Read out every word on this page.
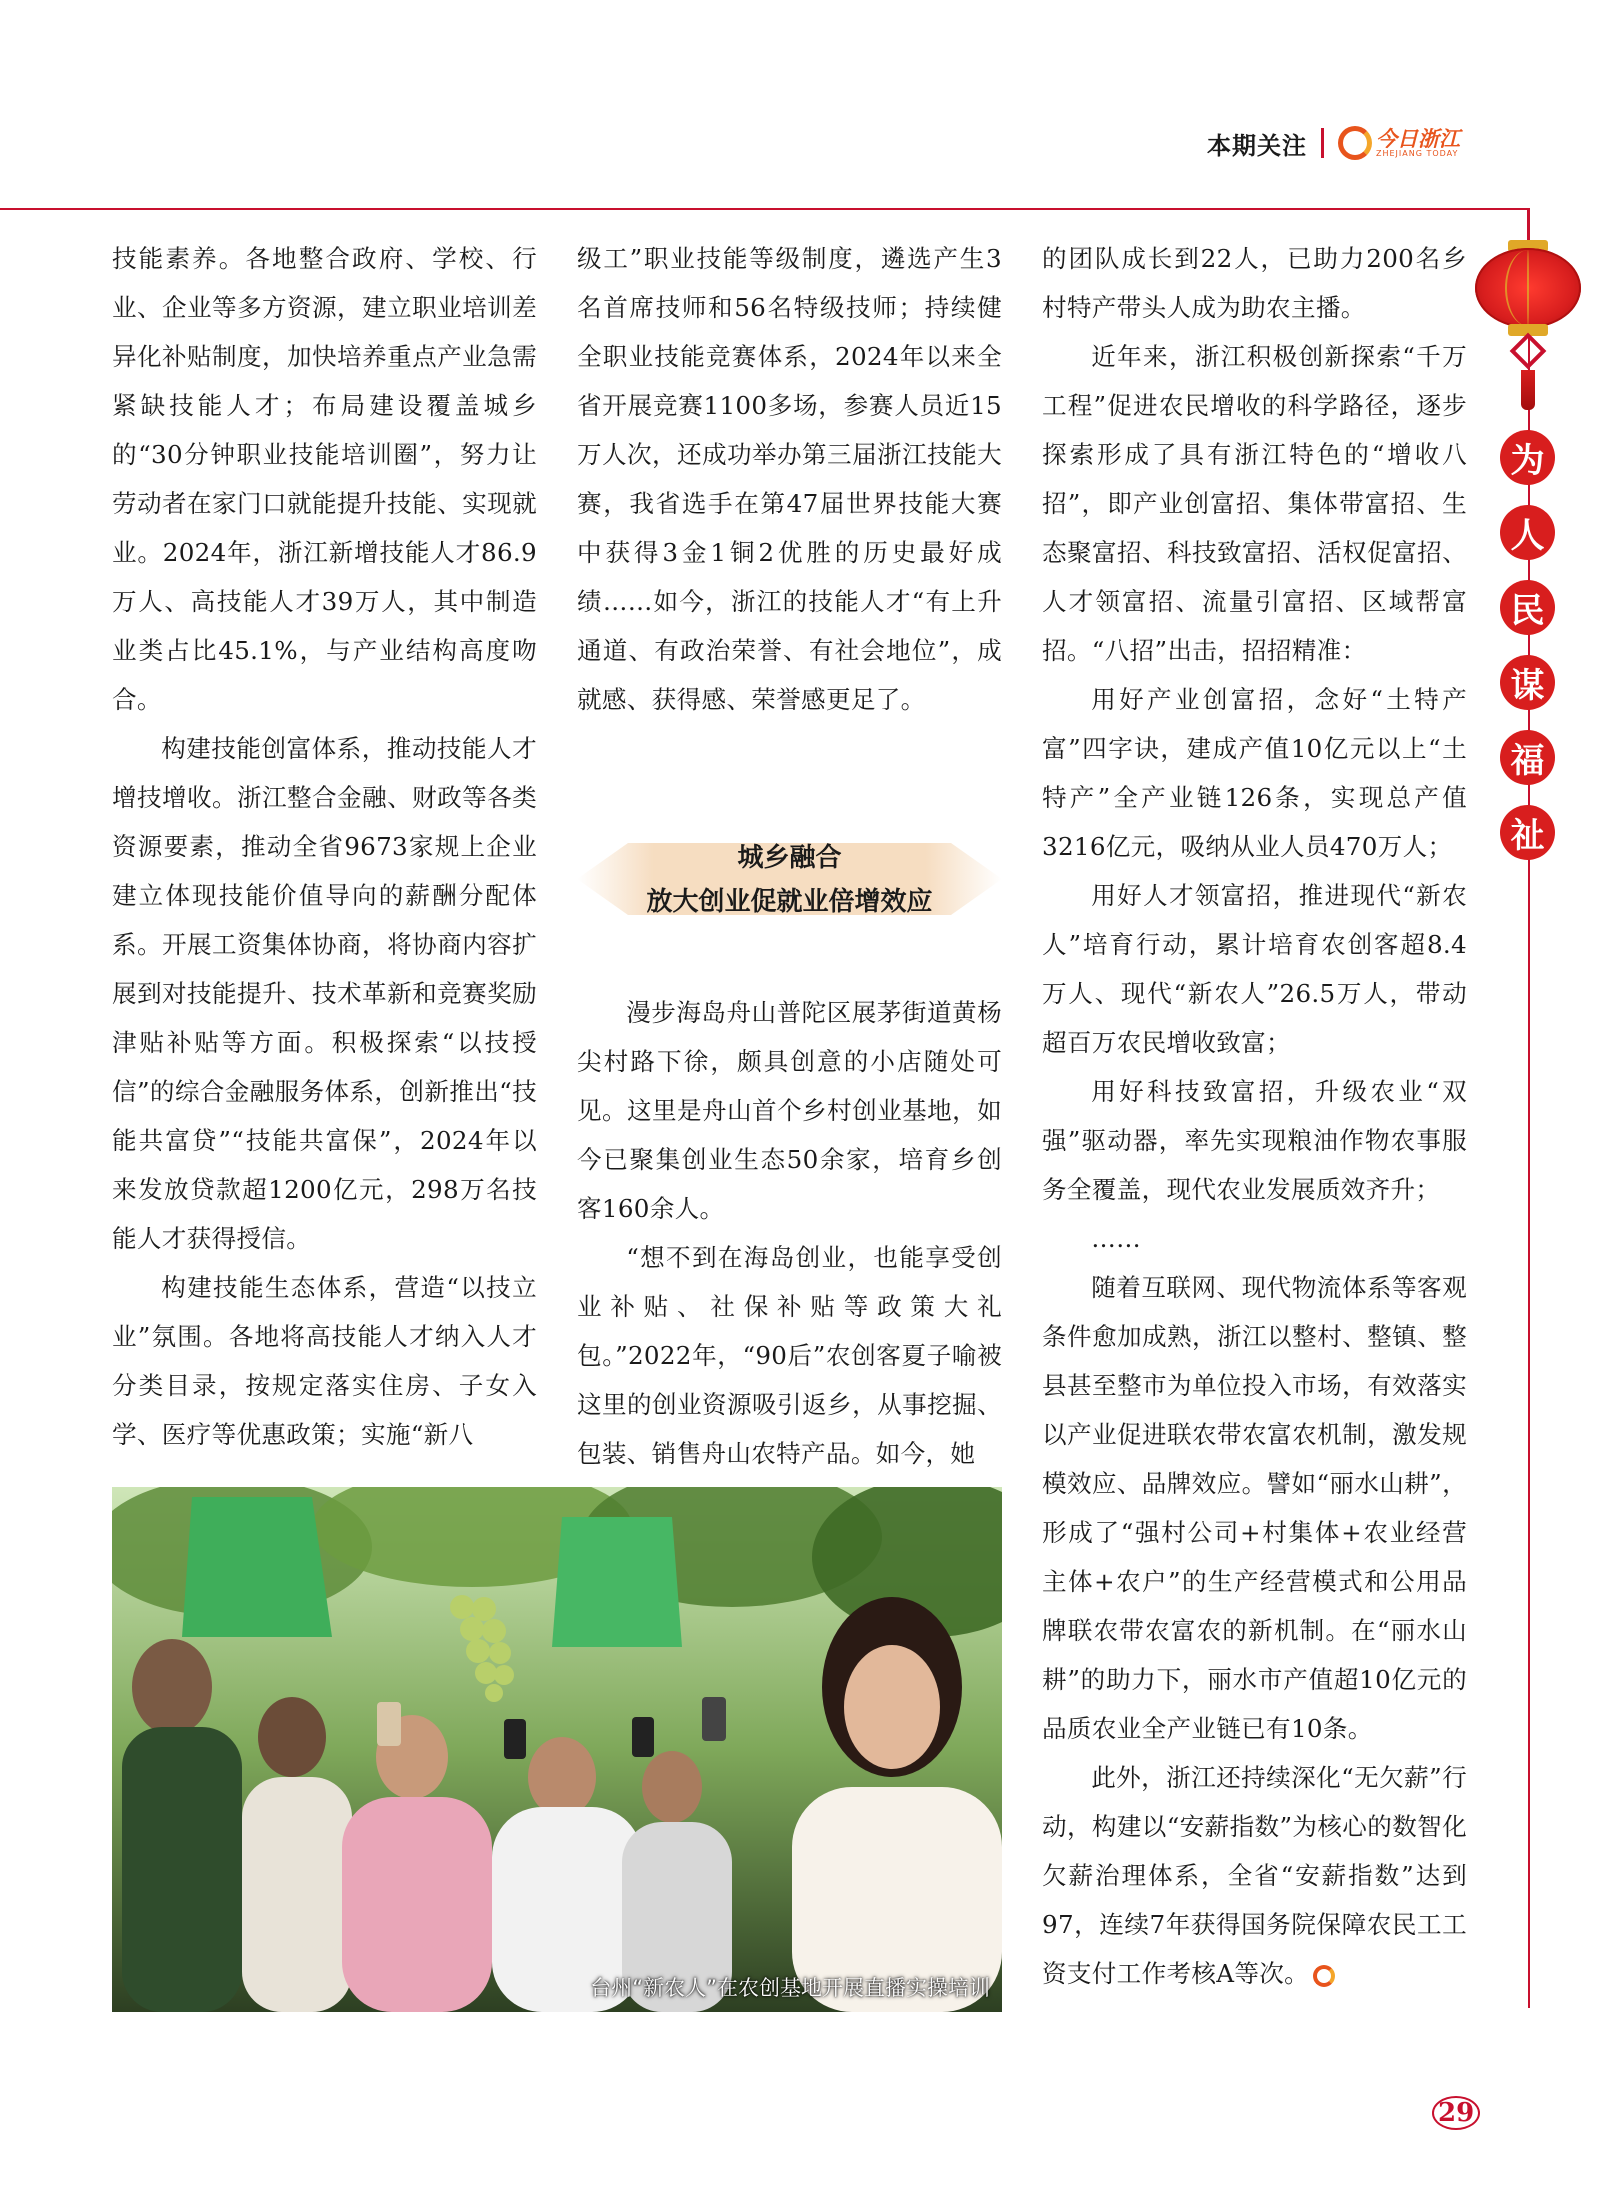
本期关注	今日浙江
ZHEJIANG TODAY
为
人
民
谋
福
祉

技能素养。各地整合政府、学校、行业、企业等多方资源，建立职业培训差异化补贴制度，加快培养重点产业急需紧缺技能人才；布局建设覆盖城乡的“30分钟职业技能培训圈”，努力让劳动者在家门口就能提升技能、实现就业。2024年，浙江新增技能人才86.9万人、高技能人才39万人，其中制造业类占比45.1%，与产业结构高度吻合。

构建技能创富体系，推动技能人才增技增收。浙江整合金融、财政等各类资源要素，推动全省9673家规上企业建立体现技能价值导向的薪酬分配体系。开展工资集体协商，将协商内容扩展到对技能提升、技术革新和竞赛奖励津贴补贴等方面。积极探索“以技授信”的综合金融服务体系，创新推出“技能共富贷”“技能共富保”，2024年以来发放贷款超1200亿元，298万名技能人才获得授信。

构建技能生态体系，营造“以技立业”氛围。各地将高技能人才纳入人才分类目录，按规定落实住房、子女入学、医疗等优惠政策；实施“新八

级工”职业技能等级制度，遴选产生3名首席技师和56名特级技师；持续健全职业技能竞赛体系，2024年以来全省开展竞赛1100多场，参赛人员近15万人次，还成功举办第三届浙江技能大赛，我省选手在第47届世界技能大赛中获得3金1铜2优胜的历史最好成绩……如今，浙江的技能人才“有上升通道、有政治荣誉、有社会地位”，成就感、获得感、荣誉感更足了。

城乡融合
放大创业促就业倍增效应

漫步海岛舟山普陀区展茅街道黄杨尖村路下徐，颇具创意的小店随处可见。这里是舟山首个乡村创业基地，如今已聚集创业生态50余家，培育乡创客160余人。

“想不到在海岛创业，也能享受创业补贴、社保补贴等政策大礼包。”2022年，“90后”农创客夏子喻被这里的创业资源吸引返乡，从事挖掘、包装、销售舟山农特产品。如今，她

的团队成长到22人，已助力200名乡村特产带头人成为助农主播。

近年来，浙江积极创新探索“千万工程”促进农民增收的科学路径，逐步探索形成了具有浙江特色的“增收八招”，即产业创富招、集体带富招、生态聚富招、科技致富招、活权促富招、人才领富招、流量引富招、区域帮富招。“八招”出击，招招精准：

用好产业创富招，念好“土特产富”四字诀，建成产值10亿元以上“土特产”全产业链126条，实现总产值3216亿元，吸纳从业人员470万人；

用好人才领富招，推进现代“新农人”培育行动，累计培育农创客超8.4万人、现代“新农人”26.5万人，带动超百万农民增收致富；

用好科技致富招，升级农业“双强”驱动器，率先实现粮油作物农事服务全覆盖，现代农业发展质效齐升；

……

随着互联网、现代物流体系等客观条件愈加成熟，浙江以整村、整镇、整县甚至整市为单位投入市场，有效落实以产业促进联农带农富农机制，激发规模效应、品牌效应。譬如“丽水山耕”，形成了“强村公司+村集体+农业经营主体+农户”的生产经营模式和公用品牌联农带农富农的新机制。在“丽水山耕”的助力下，丽水市产值超10亿元的品质农业全产业链已有10条。

此外，浙江还持续深化“无欠薪”行动，构建以“安薪指数”为核心的数智化欠薪治理体系，全省“安薪指数”达到97，连续7年获得国务院保障农民工工资支付工作考核A等次。

台州“新农人”在农创基地开展直播实操培训
29
